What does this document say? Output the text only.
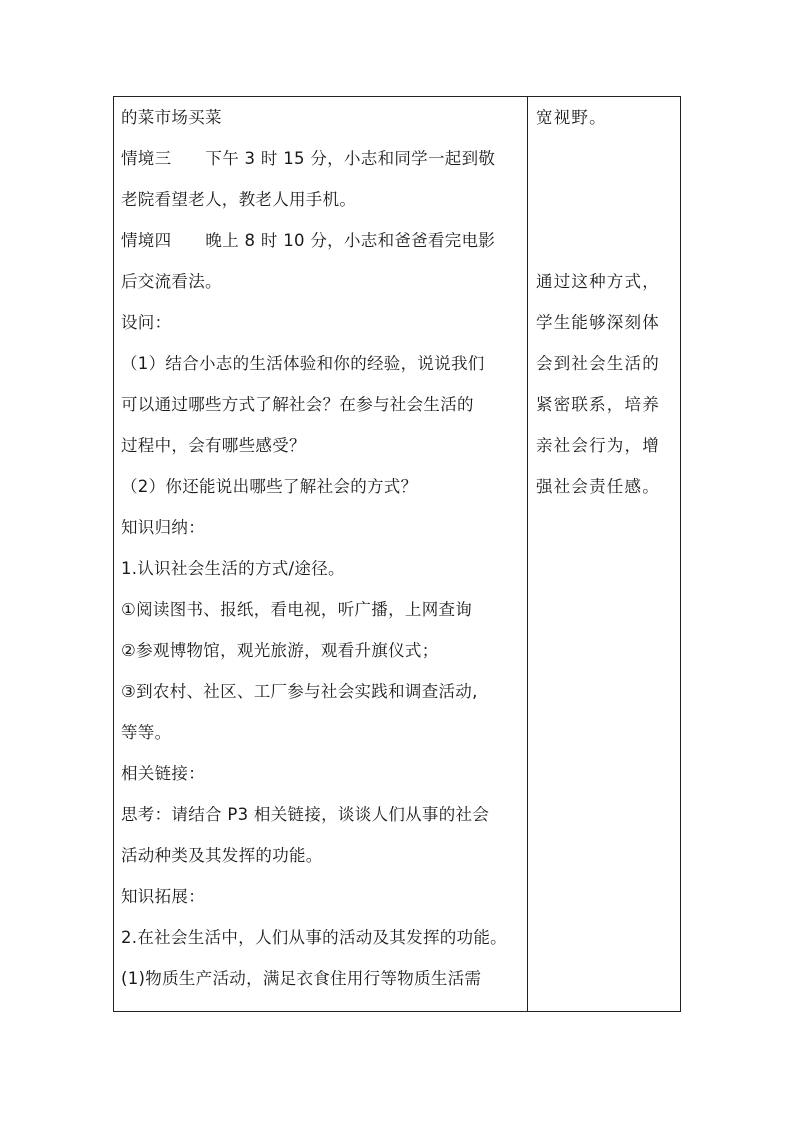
的菜市场买菜
情境三 下午 3 时 15 分，小志和同学一起到敬
老院看望老人，教老人用手机。
情境四 晚上 8 时 10 分，小志和爸爸看完电影
后交流看法。
设问：
（1）结合小志的生活体验和你的经验，说说我们
可以通过哪些方式了解社会？在参与社会生活的
过程中，会有哪些感受？
（2）你还能说出哪些了解社会的方式？
知识归纳：
1.认识社会生活的方式/途径。
①阅读图书、报纸，看电视，听广播，上网查询
②参观博物馆，观光旅游，观看升旗仪式；
③到农村、社区、工厂参与社会实践和调查活动,
等等。
相关链接：
思考：请结合 P3 相关链接，谈谈人们从事的社会
活动种类及其发挥的功能。
知识拓展：
2.在社会生活中，人们从事的活动及其发挥的功能。
(1)物质生产活动，满足衣食住用行等物质生活需
宽视野。
通过这种方式，
学生能够深刻体
会到社会生活的
紧密联系，培养
亲社会行为，增
强社会责任感。
